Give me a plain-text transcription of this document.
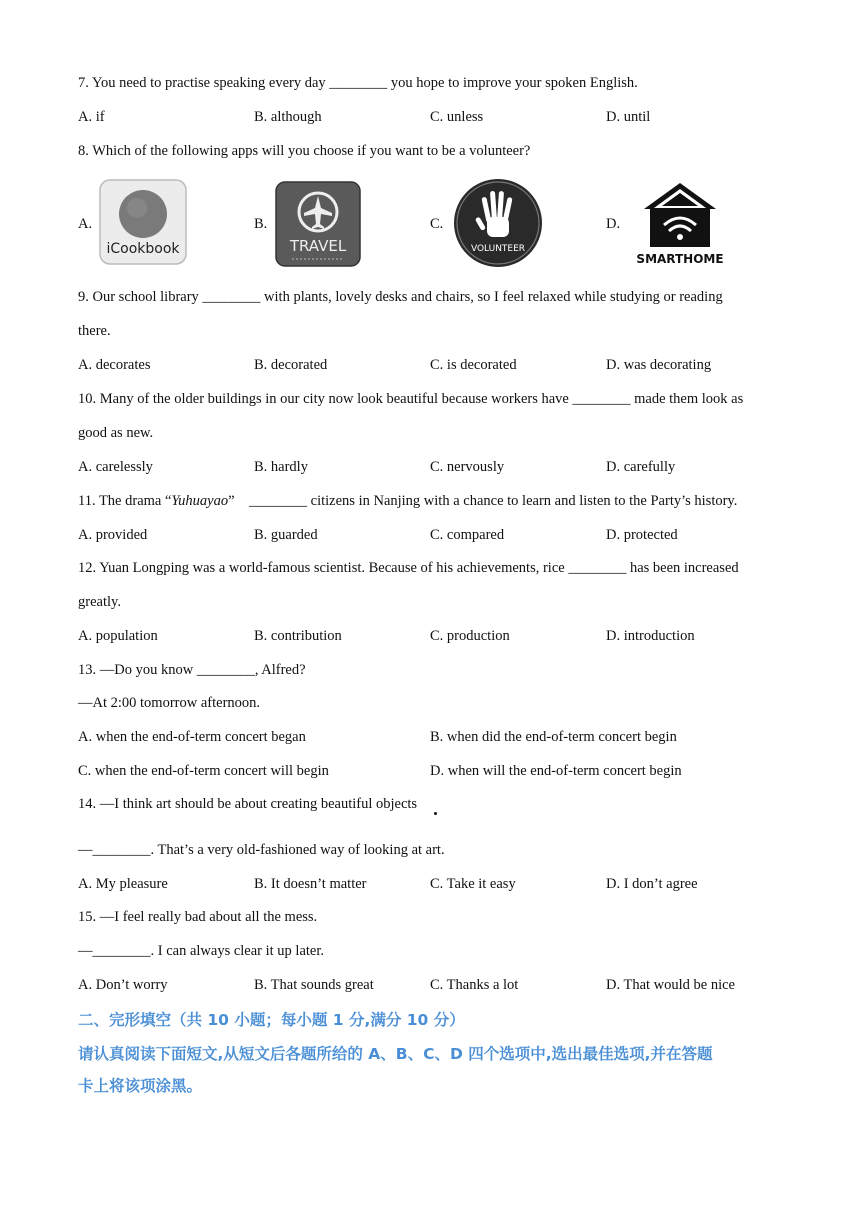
7. You need to practise speaking every day ________ you hope to improve your spoken English.
A. if	B. although	C. unless	D. until
8. Which of the following apps will you choose if you want to be a volunteer?
A.	B.	C.	D.
iCookbook	TRAVEL	VOLUNTEER
SMARTHOME
9. Our school library ________ with plants, lovely desks and chairs, so I feel relaxed while studying or reading
there.
A. decorates	B. decorated	C. is decorated	D. was decorating
10. Many of the older buildings in our city now look beautiful because workers have ________ made them look as
good as new.
A. carelessly	B. hardly	C. nervously	D. carefully
11. The drama “Yuhuayao”    ________ citizens in Nanjing with a chance to learn and listen to the Party’s history.
A. provided	B. guarded	C. compared	D. protected
12. Yuan Longping was a world-famous scientist. Because of his achievements, rice ________ has been increased
greatly.
A. population	B. contribution	C. production	D. introduction
13. —Do you know ________, Alfred?
—At 2:00 tomorrow afternoon.
A. when the end-of-term concert began	B. when did the end-of-term concert begin
C. when the end-of-term concert will begin	D. when will the end-of-term concert begin
14. —I think art should be about creating beautiful objects
—________. That’s a very old-fashioned way of looking at art.
A. My pleasure	B. It doesn’t matter	C. Take it easy	D. I don’t agree
15. —I feel really bad about all the mess.
—________. I can always clear it up later.
A. Don’t worry	B. That sounds great	C. Thanks a lot	D. That would be nice
二、完形填空（共 10 小题；每小题 1 分,满分 10 分）
请认真阅读下面短文,从短文后各题所给的 A、B、C、D 四个选项中,选出最佳选项,并在答题
卡上将该项涂黑。
